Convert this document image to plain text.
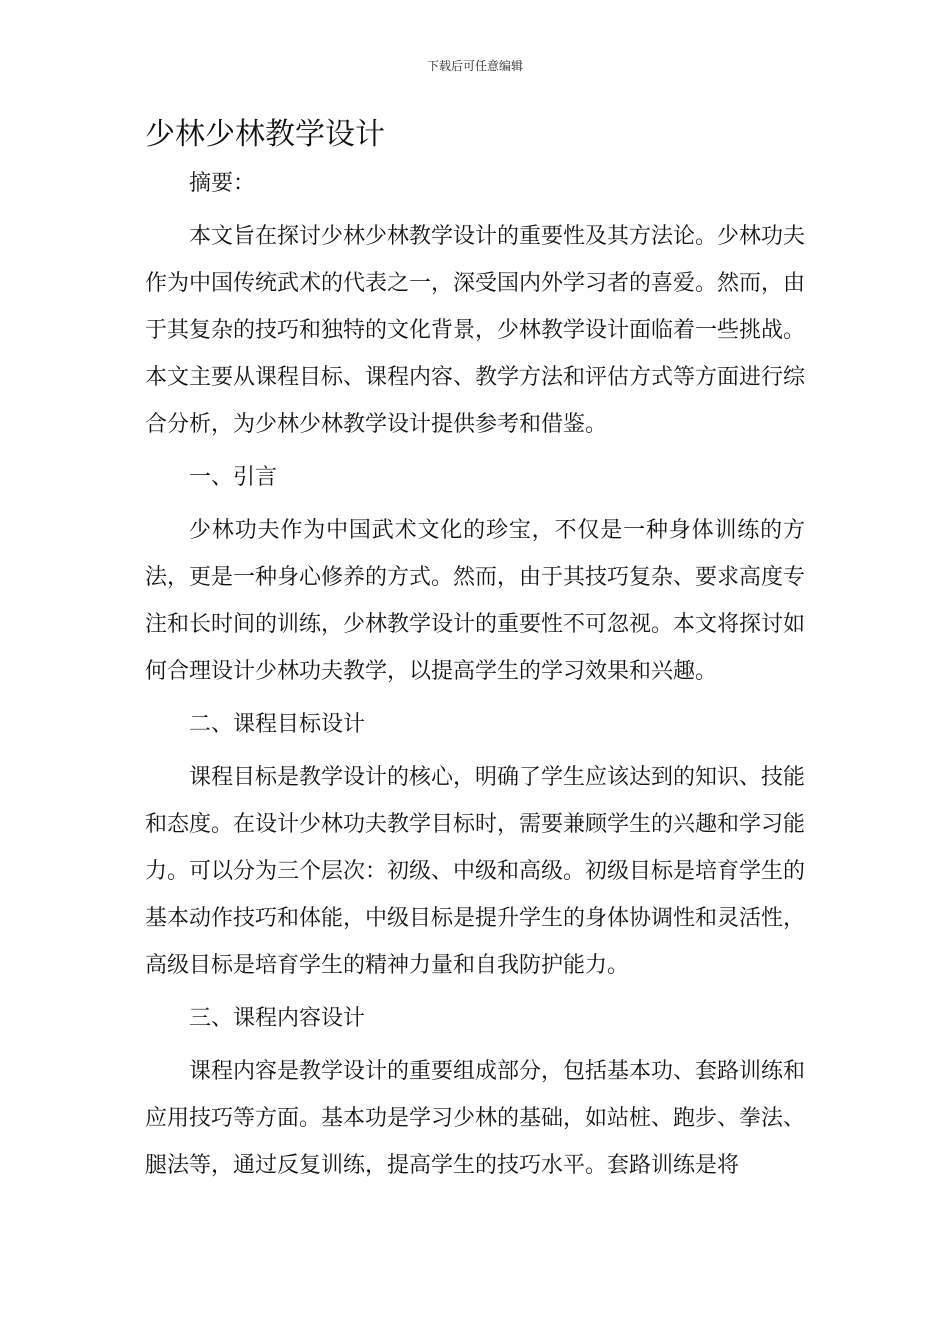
下载后可任意编辑
少林少林教学设计

摘要：

本文旨在探讨少林少林教学设计的重要性及其方法论。少林功夫作为中国传统武术的代表之一，深受国内外学习者的喜爱。然而，由于其复杂的技巧和独特的文化背景，少林教学设计面临着一些挑战。本文主要从课程目标、课程内容、教学方法和评估方式等方面进行综合分析，为少林少林教学设计提供参考和借鉴。

一、引言

少林功夫作为中国武术文化的珍宝，不仅是一种身体训练的方法，更是一种身心修养的方式。然而，由于其技巧复杂、要求高度专注和长时间的训练，少林教学设计的重要性不可忽视。本文将探讨如何合理设计少林功夫教学，以提高学生的学习效果和兴趣。

二、课程目标设计

课程目标是教学设计的核心，明确了学生应该达到的知识、技能和态度。在设计少林功夫教学目标时，需要兼顾学生的兴趣和学习能力。可以分为三个层次：初级、中级和高级。初级目标是培育学生的基本动作技巧和体能，中级目标是提升学生的身体协调性和灵活性，高级目标是培育学生的精神力量和自我防护能力。

三、课程内容设计

课程内容是教学设计的重要组成部分，包括基本功、套路训练和应用技巧等方面。基本功是学习少林的基础，如站桩、跑步、拳法、腿法等，通过反复训练，提高学生的技巧水平。套路训练是将
